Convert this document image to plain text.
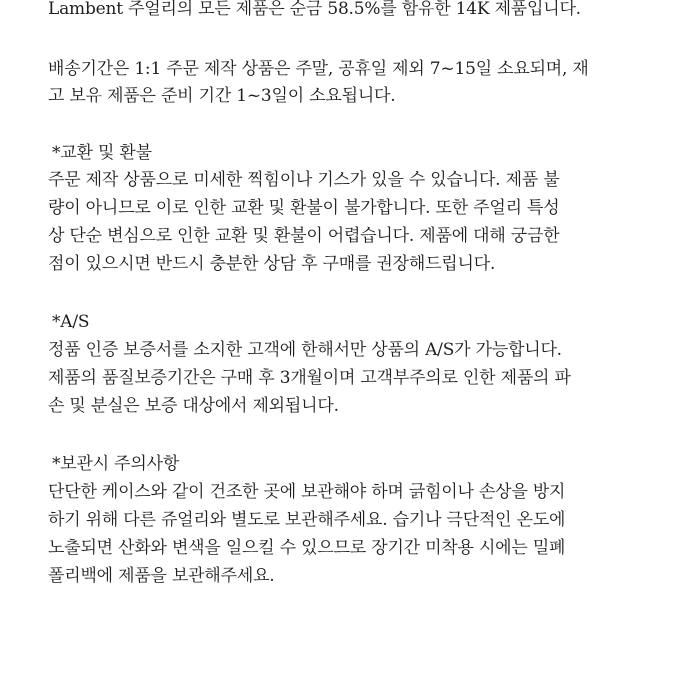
Lambent 주얼리의 모든 제품은 순금 58.5%를 함유한 14K 제품입니다.
배송기간은 1:1 주문 제작 상품은 주말, 공휴일 제외 7~15일 소요되며, 재
고 보유 제품은 준비 기간 1~3일이 소요됩니다.
*교환 및 환불
주문 제작 상품으로 미세한 찍힘이나 기스가 있을 수 있습니다. 제품 불
량이 아니므로 이로 인한 교환 및 환불이 불가합니다. 또한 주얼리 특성
상 단순 변심으로 인한 교환 및 환불이 어렵습니다. 제품에 대해 궁금한
점이 있으시면 반드시 충분한 상담 후 구매를 권장해드립니다.
*A/S
정품 인증 보증서를 소지한 고객에 한해서만 상품의 A/S가 가능합니다.
제품의 품질보증기간은 구매 후 3개월이며 고객부주의로 인한 제품의 파
손 및 분실은 보증 대상에서 제외됩니다.
*보관시 주의사항
단단한 케이스와 같이 건조한 곳에 보관해야 하며 긁힘이나 손상을 방지
하기 위해 다른 쥬얼리와 별도로 보관해주세요. 습기나 극단적인 온도에
노출되면 산화와 변색을 일으킬 수 있으므로 장기간 미착용 시에는 밀폐
폴리백에 제품을 보관해주세요.
